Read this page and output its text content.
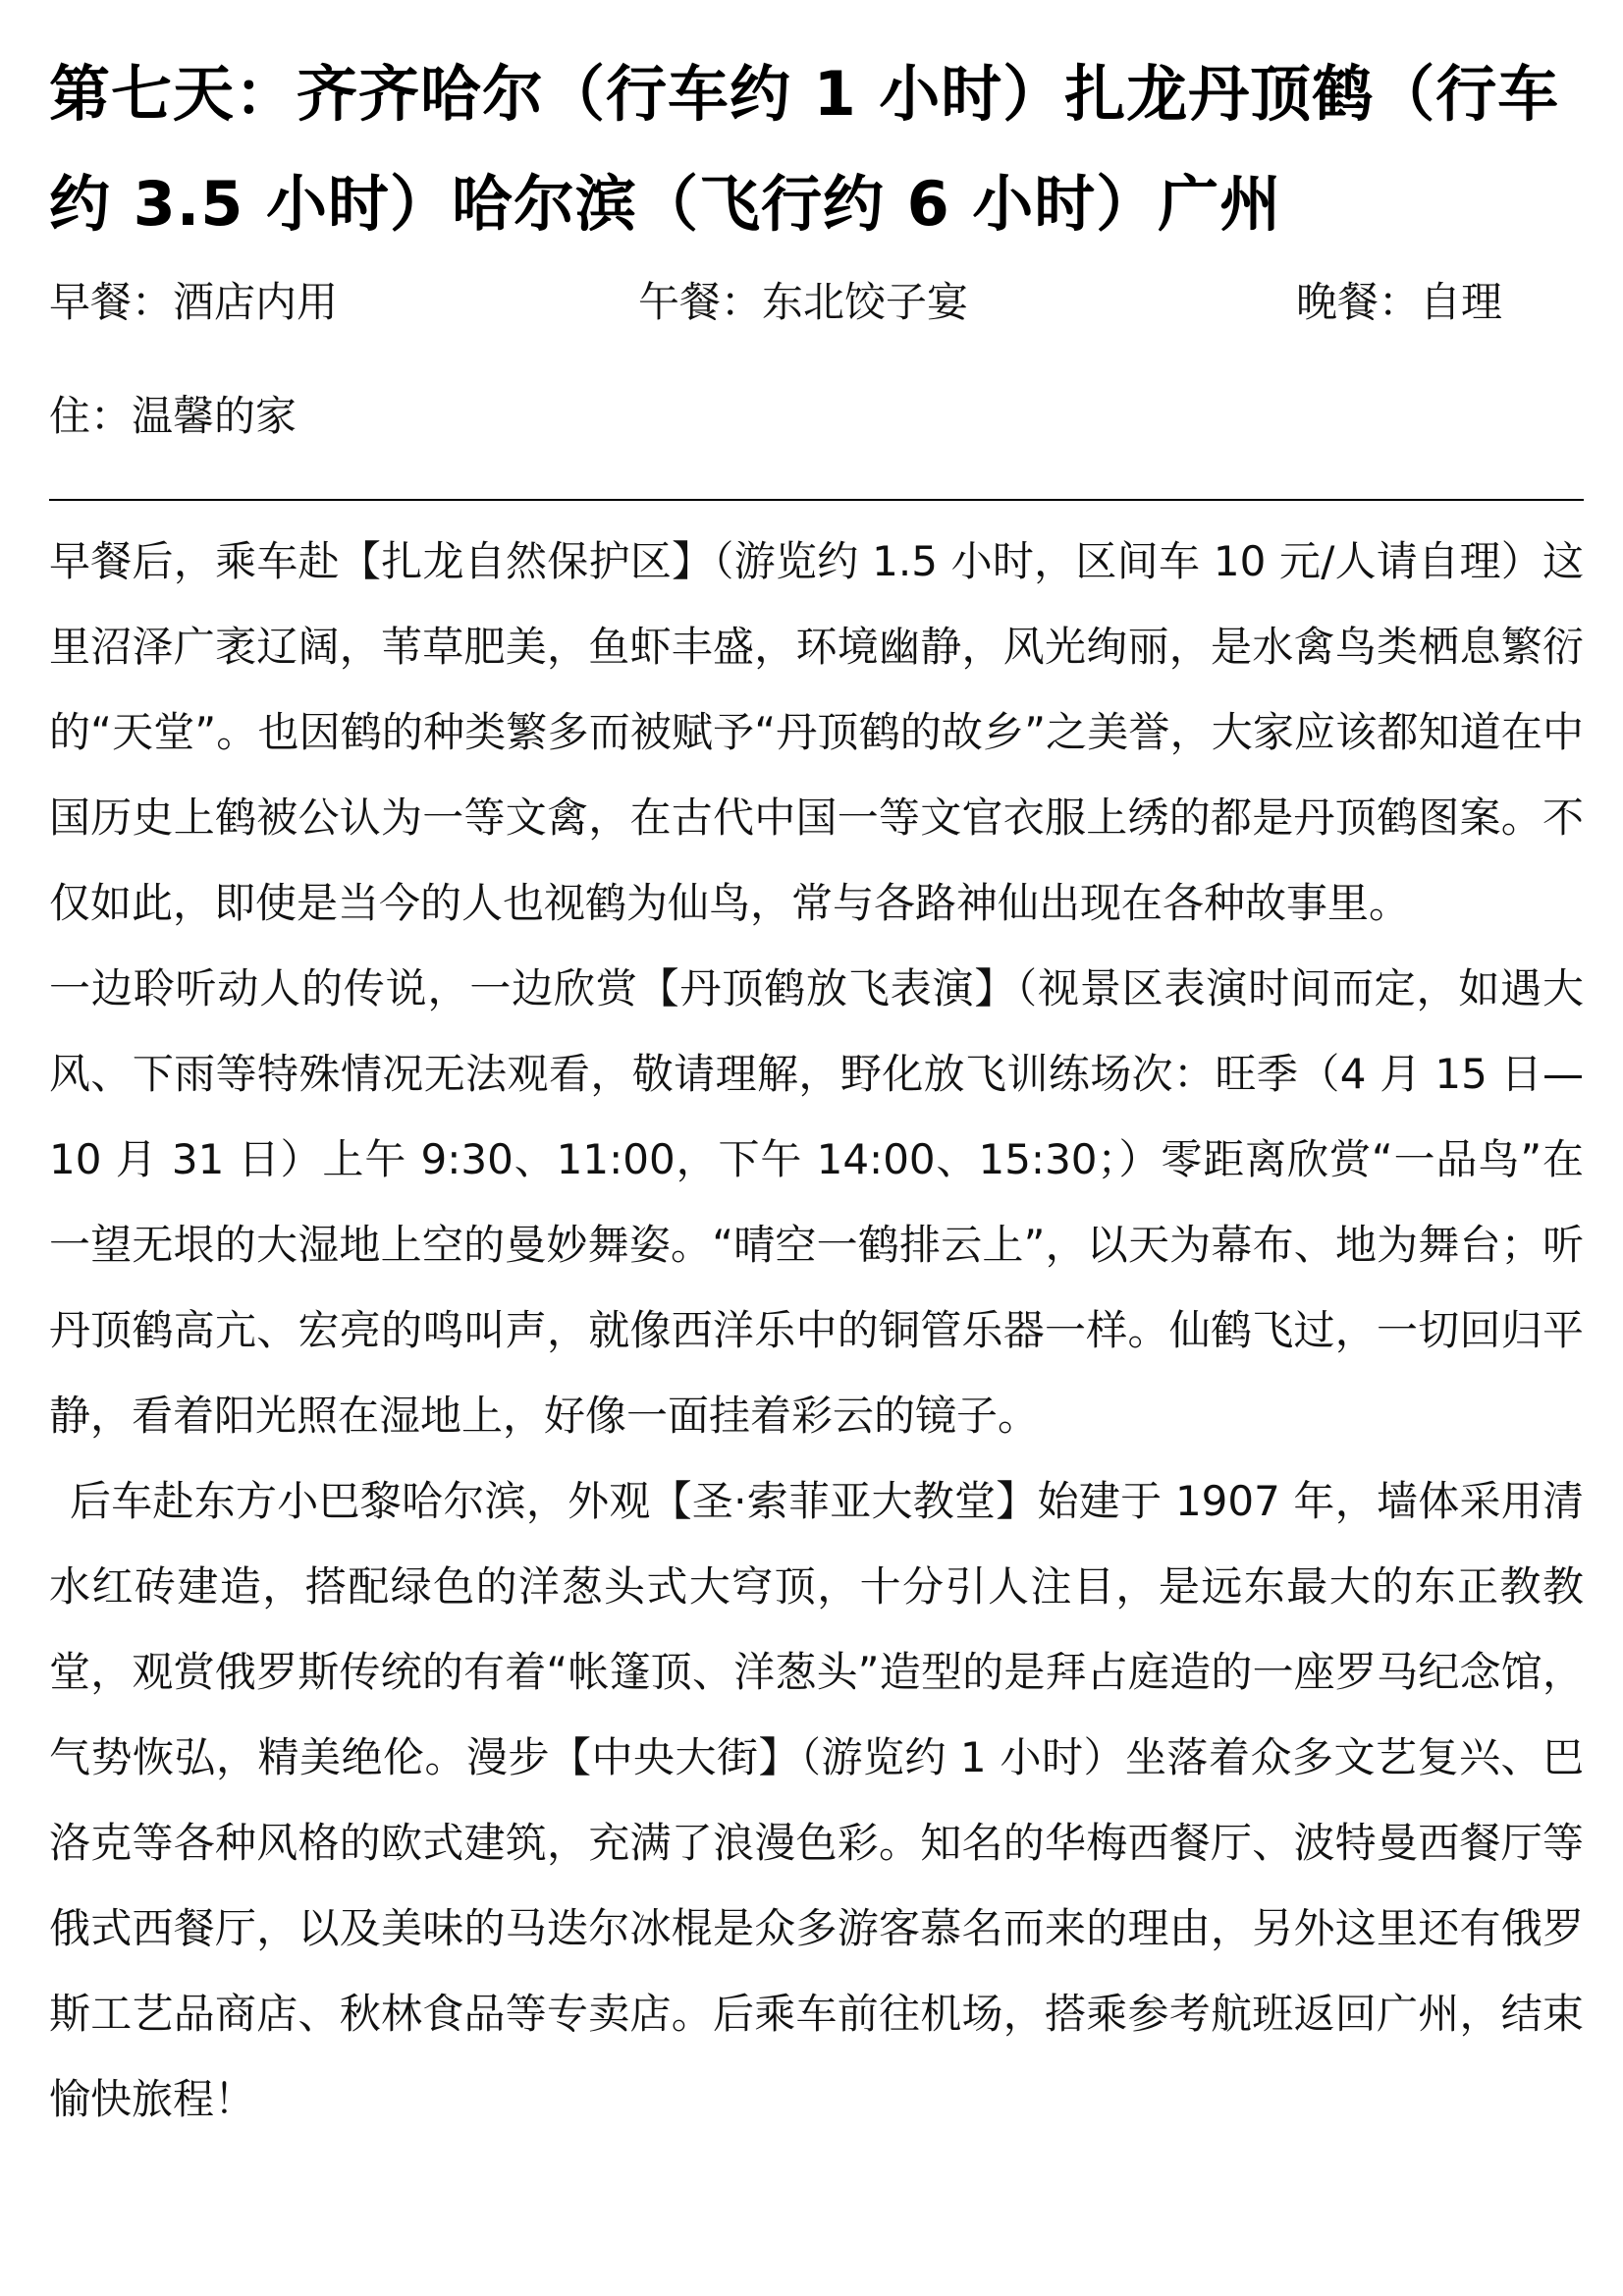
第七天：齐齐哈尔（行车约 1 小时）扎龙丹顶鹤（行车约 3.5 小时）哈尔滨（飞行约 6 小时）广州
早餐：酒店内用	午餐：东北饺子宴	晚餐：自理
住：温馨的家

早餐后，乘车赴【扎龙自然保护区】（游览约 1.5 小时，区间车 10 元/人请自理）这里沼泽广袤辽阔，苇草肥美，鱼虾丰盛，环境幽静，风光绚丽，是水禽鸟类栖息繁衍的“天堂”。也因鹤的种类繁多而被赋予“丹顶鹤的故乡”之美誉，大家应该都知道在中国历史上鹤被公认为一等文禽，在古代中国一等文官衣服上绣的都是丹顶鹤图案。不仅如此，即使是当今的人也视鹤为仙鸟，常与各路神仙出现在各种故事里。

一边聆听动人的传说，一边欣赏【丹顶鹤放飞表演】（视景区表演时间而定，如遇大风、下雨等特殊情况无法观看，敬请理解，野化放飞训练场次：旺季（4 月 15 日—10 月 31 日）上午 9:30、11:00，下午 14:00、15:30；）零距离欣赏“一品鸟”在一望无垠的大湿地上空的曼妙舞姿。“晴空一鹤排云上”，以天为幕布、地为舞台；听丹顶鹤高亢、宏亮的鸣叫声，就像西洋乐中的铜管乐器一样。仙鹤飞过，一切回归平静，看着阳光照在湿地上，好像一面挂着彩云的镜子。

后车赴东方小巴黎哈尔滨，外观【圣·索菲亚大教堂】始建于 1907 年，墙体采用清水红砖建造，搭配绿色的洋葱头式大穹顶，十分引人注目，是远东最大的东正教教堂，观赏俄罗斯传统的有着“帐篷顶、洋葱头”造型的是拜占庭造的一座罗马纪念馆，气势恢弘，精美绝伦。漫步【中央大街】（游览约 1 小时）坐落着众多文艺复兴、巴洛克等各种风格的欧式建筑，充满了浪漫色彩。知名的华梅西餐厅、波特曼西餐厅等俄式西餐厅，以及美味的马迭尔冰棍是众多游客慕名而来的理由，另外这里还有俄罗斯工艺品商店、秋林食品等专卖店。后乘车前往机场，搭乘参考航班返回广州，结束愉快旅程！
